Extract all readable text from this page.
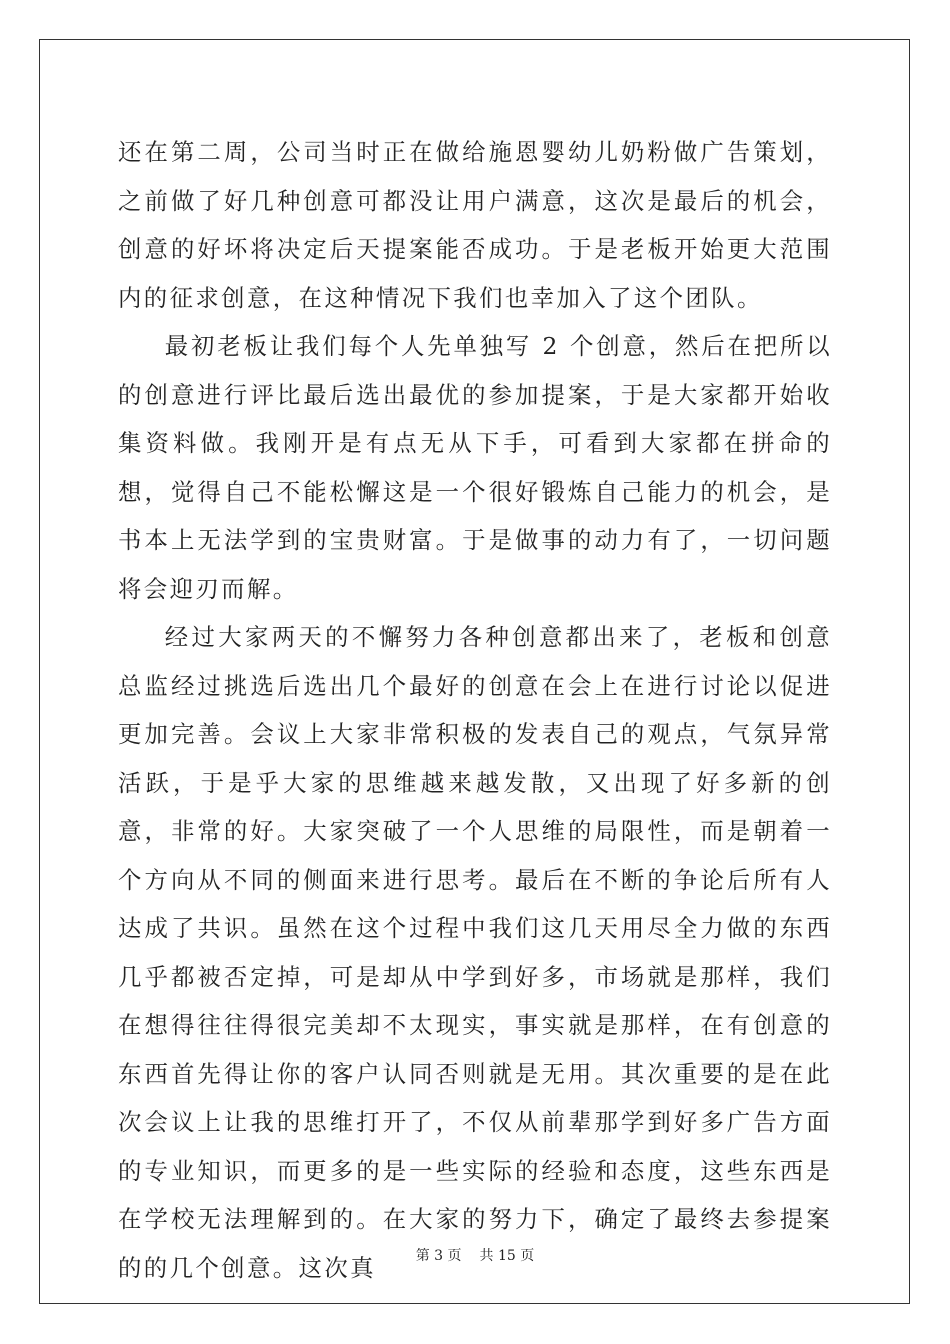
还在第二周，公司当时正在做给施恩婴幼儿奶粉做广告策划，之前做了好几种创意可都没让用户满意，这次是最后的机会，创意的好坏将决定后天提案能否成功。于是老板开始更大范围内的征求创意，在这种情况下我们也幸加入了这个团队。

最初老板让我们每个人先单独写 2 个创意，然后在把所以的创意进行评比最后选出最优的参加提案，于是大家都开始收集资料做。我刚开是有点无从下手，可看到大家都在拼命的想，觉得自己不能松懈这是一个很好锻炼自己能力的机会，是书本上无法学到的宝贵财富。于是做事的动力有了，一切问题将会迎刃而解。

经过大家两天的不懈努力各种创意都出来了，老板和创意总监经过挑选后选出几个最好的创意在会上在进行讨论以促进更加完善。会议上大家非常积极的发表自己的观点，气氛异常活跃，于是乎大家的思维越来越发散，又出现了好多新的创意，非常的好。大家突破了一个人思维的局限性，而是朝着一个方向从不同的侧面来进行思考。最后在不断的争论后所有人达成了共识。虽然在这个过程中我们这几天用尽全力做的东西几乎都被否定掉，可是却从中学到好多，市场就是那样，我们在想得往往得很完美却不太现实，事实就是那样，在有创意的东西首先得让你的客户认同否则就是无用。其次重要的是在此次会议上让我的思维打开了，不仅从前辈那学到好多广告方面的专业知识，而更多的是一些实际的经验和态度，这些东西是在学校无法理解到的。在大家的努力下，确定了最终去参提案的的几个创意。这次真	第 3 页 共 15 页
